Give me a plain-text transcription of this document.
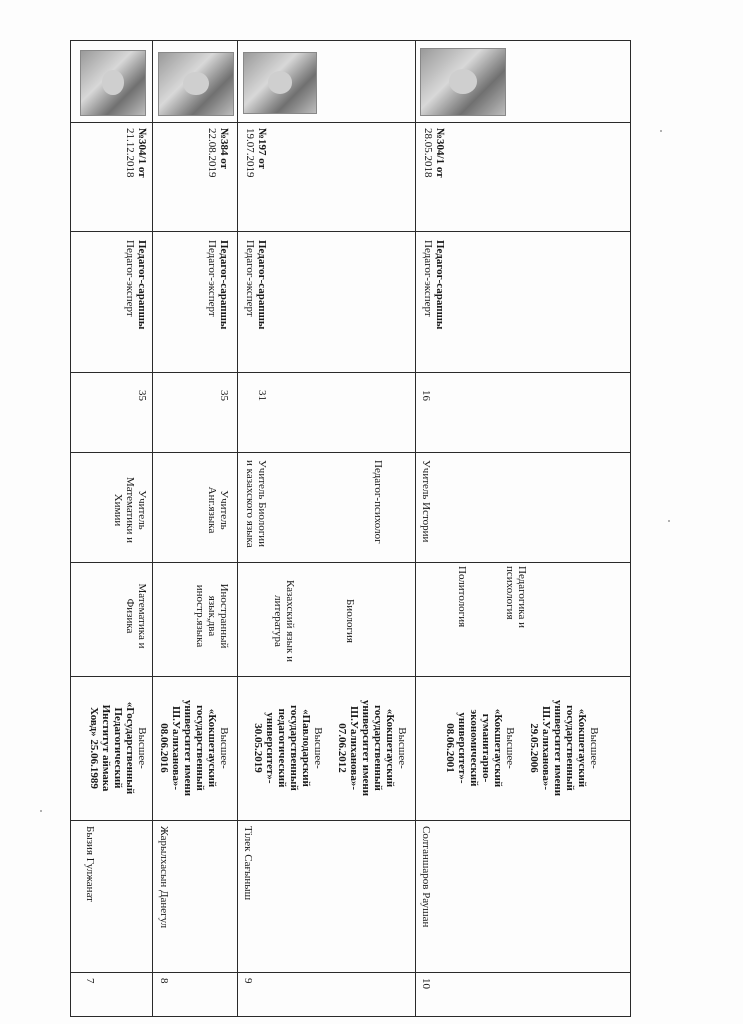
№304/1 от
21.12.2018
Педагог-сарапшы
Педагог-эксперт
35
Учитель
Математики и
Химии
Математика и
Физика
Высшее-
«Государственный
Педагогический
Институт аймака
Ховд» 25.06.1989
Бызия Гулжанат
7
№384 от
22.08.2019
Педагог-сарапшы
Педагог-эксперт
35
Учитель
Анг.языка
Иностранный
язык,два
иностр.языка
Высшее-
«Кокшетауский
государственный
университет имени
Ш.Уалиханова»-
08.06.2016
Жарылхасын Данегул
8
№197 от
19.07.2019
Педагог-сарапшы
Педагог-эксперт
31
Учитель Биологии
и казахского языка
Биология

Казахский язык и
литература
Высшее-
«Кокшетауский
государственный
университет имени
Ш.Уалиханова»-
07.06.2012

Высшее-
«Павлодарский
государственный
педагогический
университет»-
30.05.2019
Тілек Сағыныш
9
№304/1 от
28.05.2018
Педагог-сарапшы
Педагог-эксперт
16
Учитель Истории

Педагог-психолог
Педагогика и
психология

Политология
Высшее-
«Кокшетауский
государственный
университет имени
Ш.Уалиханова»-
29.05.2006

Высшее-
«Кокшетауский
гуманитарно-
экономический
университет»-
08.06.2001
Солтаншаров Раушан
10
